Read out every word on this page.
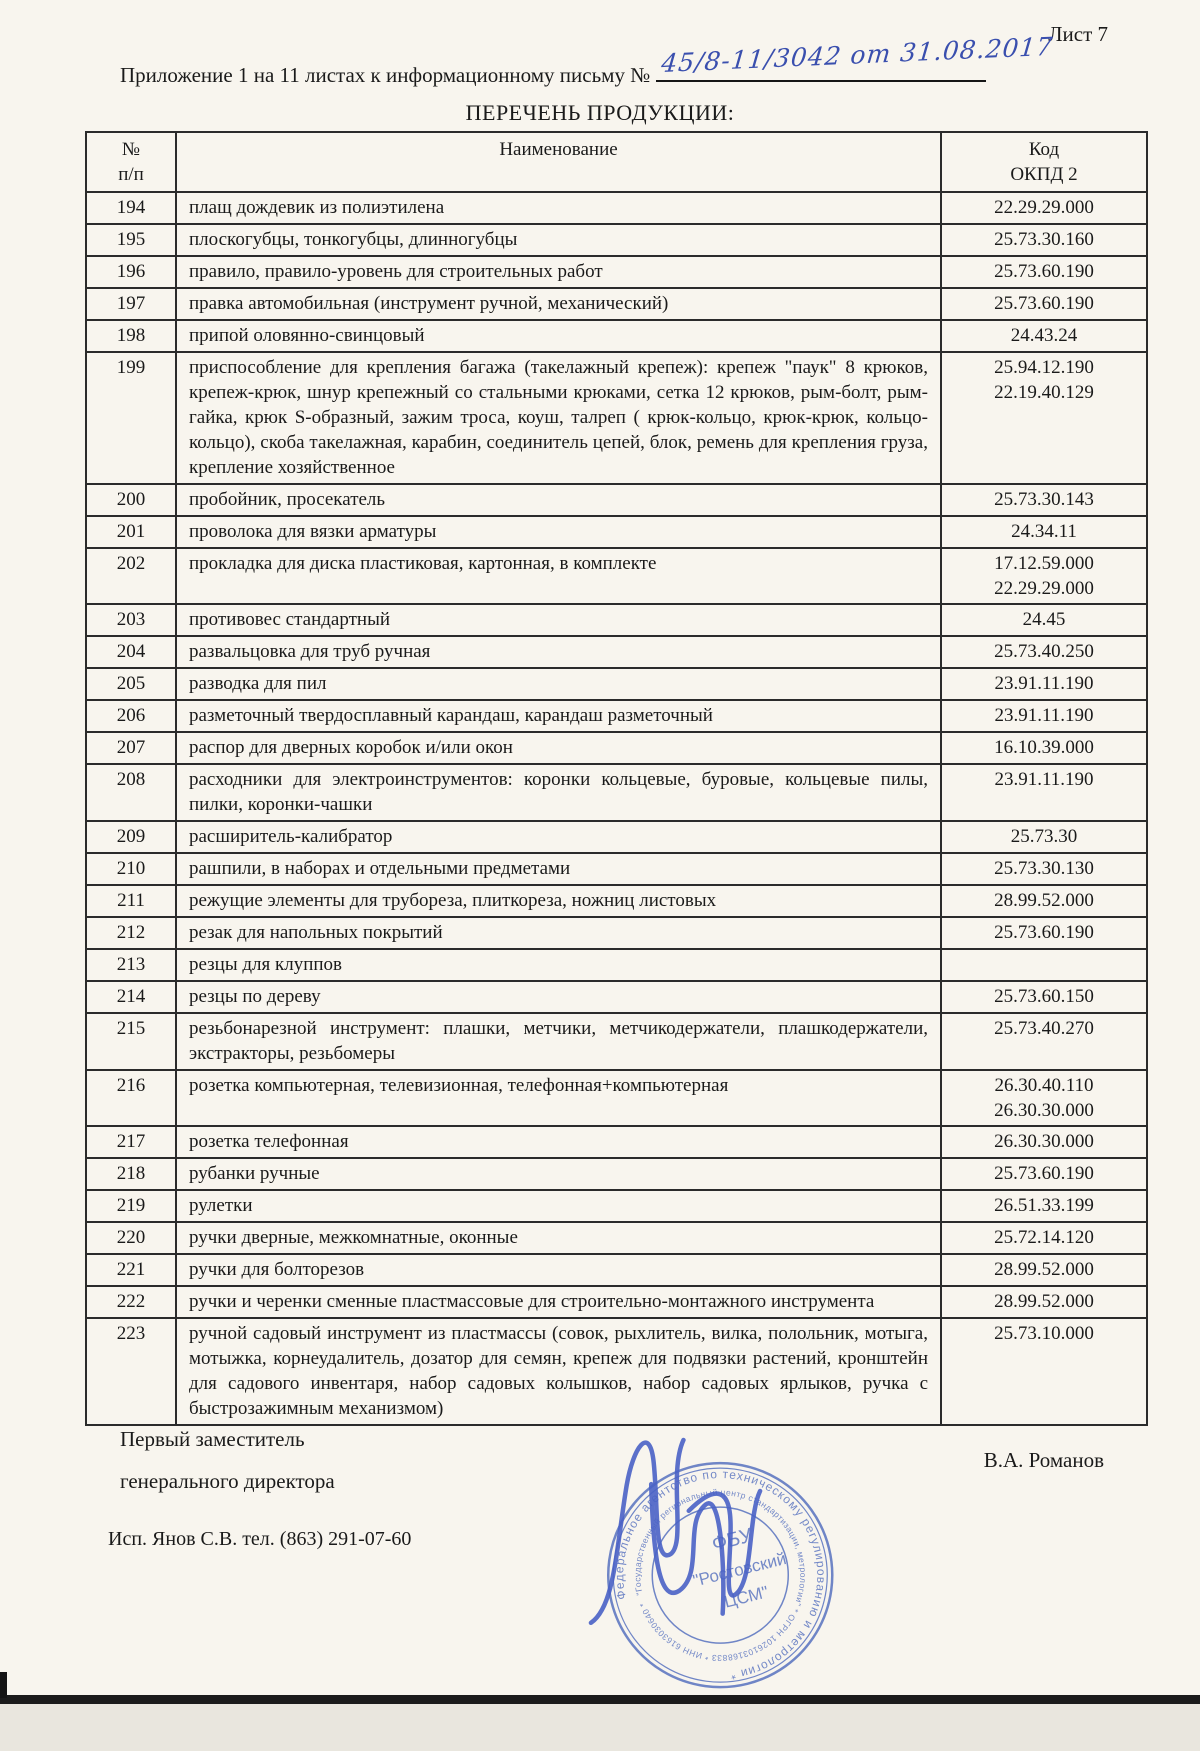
Лист 7
Приложение 1 на 11 листах к информационному письму № 45/8-11/3042 от 31.08.2017
ПЕРЕЧЕНЬ ПРОДУКЦИИ:
№
п/п
	Наименование	Код
ОКПД 2

194	плащ дождевик из полиэтилена	22.29.29.000

195	плоскогубцы, тонкогубцы, длинногубцы	25.73.30.160

196	правило, правило-уровень для строительных работ	25.73.60.190

197	правка автомобильная (инструмент ручной, механический)	25.73.60.190

198	припой оловянно-свинцовый	24.43.24

199	приспособление для крепления багажа (такелажный крепеж): крепеж "паук" 8 крюков, крепеж-крюк, шнур крепежный со стальными крюками, сетка 12 крюков, рым-болт, рым-гайка, крюк S-образный, зажим троса, коуш, талреп ( крюк-кольцо, крюк-крюк, кольцо-кольцо), скоба такелажная, карабин, соединитель цепей, блок, ремень для крепления груза, крепление хозяйственное	25.94.12.190
22.19.40.129

200	пробойник, просекатель	25.73.30.143

201	проволока для вязки арматуры	24.34.11

202	прокладка для диска пластиковая, картонная, в комплекте	17.12.59.000
22.29.29.000

203	противовес стандартный	24.45

204	развальцовка для труб ручная	25.73.40.250

205	разводка для пил	23.91.11.190

206	разметочный твердосплавный карандаш, карандаш разметочный	23.91.11.190

207	распор для дверных коробок и/или окон	16.10.39.000

208	расходники для электроинструментов: коронки кольцевые, буровые, кольцевые пилы, пилки, коронки-чашки	23.91.11.190

209	расширитель-калибратор	25.73.30

210	рашпили, в наборах и отдельными предметами	25.73.30.130

211	режущие элементы для трубореза, плиткореза, ножниц листовых	28.99.52.000

212	резак для напольных покрытий	25.73.60.190

213	резцы для клуппов	
214	резцы по дереву	25.73.60.150

215	резьбонарезной инструмент: плашки, метчики, метчикодержатели, плашкодержатели, экстракторы, резьбомеры	25.73.40.270

216	розетка компьютерная, телевизионная, телефонная+компьютерная	26.30.40.110
26.30.30.000

217	розетка телефонная	26.30.30.000

218	рубанки ручные	25.73.60.190

219	рулетки	26.51.33.199

220	ручки дверные, межкомнатные, оконные	25.72.14.120

221	ручки для болторезов	28.99.52.000

222	ручки и черенки сменные пластмассовые для строительно-монтажного инструмента	28.99.52.000

223	ручной садовый инструмент из пластмассы (совок, рыхлитель, вилка, полольник, мотыга, мотыжка, корнеудалитель, дозатор для семян, крепеж для подвязки растений, кронштейн для садового инвентаря, набор садовых колышков, набор садовых ярлыков, ручка с быстрозажимным механизмом)	25.73.10.000
Первый заместитель
генерального директора
В.А. Романов
Исп. Янов С.В. тел. (863) 291-07-60
Федеральное агентство по техническому регулированию и метрологии *
"Государственный региональный центр стандартизации, метрологии" * ОГРН 1026103168833 * ИНН 6163030640 *
ФБУ
"Ростовский
ЦСМ"
